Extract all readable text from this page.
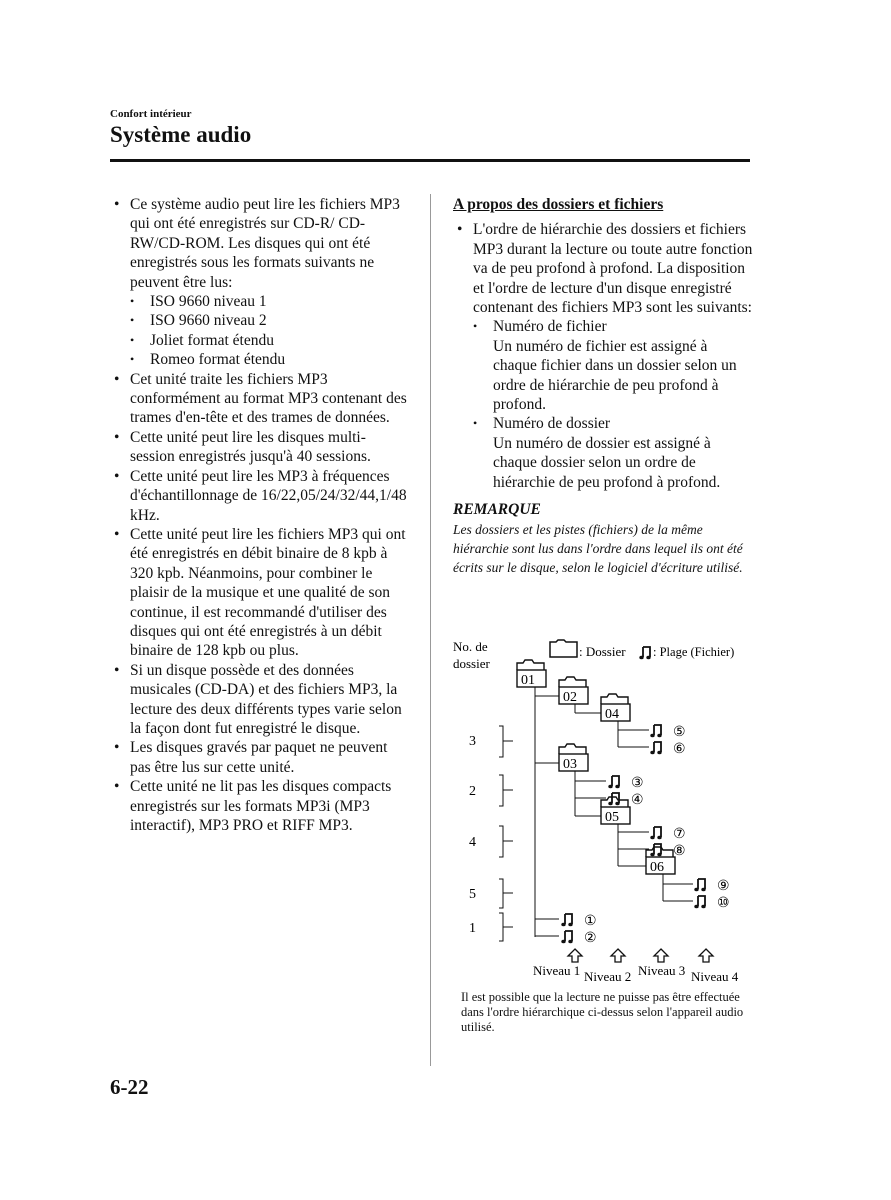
Confort intérieur
Système audio
• Ce système audio peut lire les fichiers MP3 qui ont été enregistrés sur CD-R/ CD-RW/CD-ROM. Les disques qui ont été enregistrés sous les formats suivants ne peuvent être lus:
• ISO 9660 niveau 1
• ISO 9660 niveau 2
• Joliet format étendu
• Romeo format étendu
• Cet unité traite les fichiers MP3 conformément au format MP3 contenant des trames d'en-tête et des trames de données.
• Cette unité peut lire les disques multi-session enregistrés jusqu'à 40 sessions.
• Cette unité peut lire les MP3 à fréquences d'échantillonnage de 16/22,05/24/32/44,1/48 kHz.
• Cette unité peut lire les fichiers MP3 qui ont été enregistrés en débit binaire de 8 kpb à 320 kpb. Néanmoins, pour combiner le plaisir de la musique et une qualité de son continue, il est recommandé d'utiliser des disques qui ont été enregistrés à un débit binaire de 128 kpb ou plus.
• Si un disque possède et des données musicales (CD-DA) et des fichiers MP3, la lecture des deux différents types varie selon la façon dont fut enregistré le disque.
• Les disques gravés par paquet ne peuvent pas être lus sur cette unité.
• Cette unité ne lit pas les disques compacts enregistrés sur les formats MP3i (MP3 interactif), MP3 PRO et RIFF MP3.
A propos des dossiers et fichiers
• L'ordre de hiérarchie des dossiers et fichiers MP3 durant la lecture ou toute autre fonction va de peu profond à profond. La disposition et l'ordre de lecture d'un disque enregistré contenant des fichiers MP3 sont les suivants:
• Numéro de fichier
Un numéro de fichier est assigné à chaque fichier dans un dossier selon un ordre de hiérarchie de peu profond à profond.
• Numéro de dossier
Un numéro de dossier est assigné à chaque dossier selon un ordre de hiérarchie de peu profond à profond.
REMARQUE
Les dossiers et les pistes (fichiers) de la même hiérarchie sont lus dans l'ordre dans lequel ils ont été écrits sur le disque, selon le logiciel d'écriture utilisé.
No. de
dossier
: Dossier : Plage (Fichier)
01
02
04
03
05
06
3
2
4
5
1
⑤
⑥
③
④
⑦
⑧
⑨
⑩
①
②
Niveau 1 Niveau 2 Niveau 3 Niveau 4
Il est possible que la lecture ne puisse pas être effectuée dans l'ordre hiérarchique ci-dessus selon l'appareil audio utilisé.
6-22
